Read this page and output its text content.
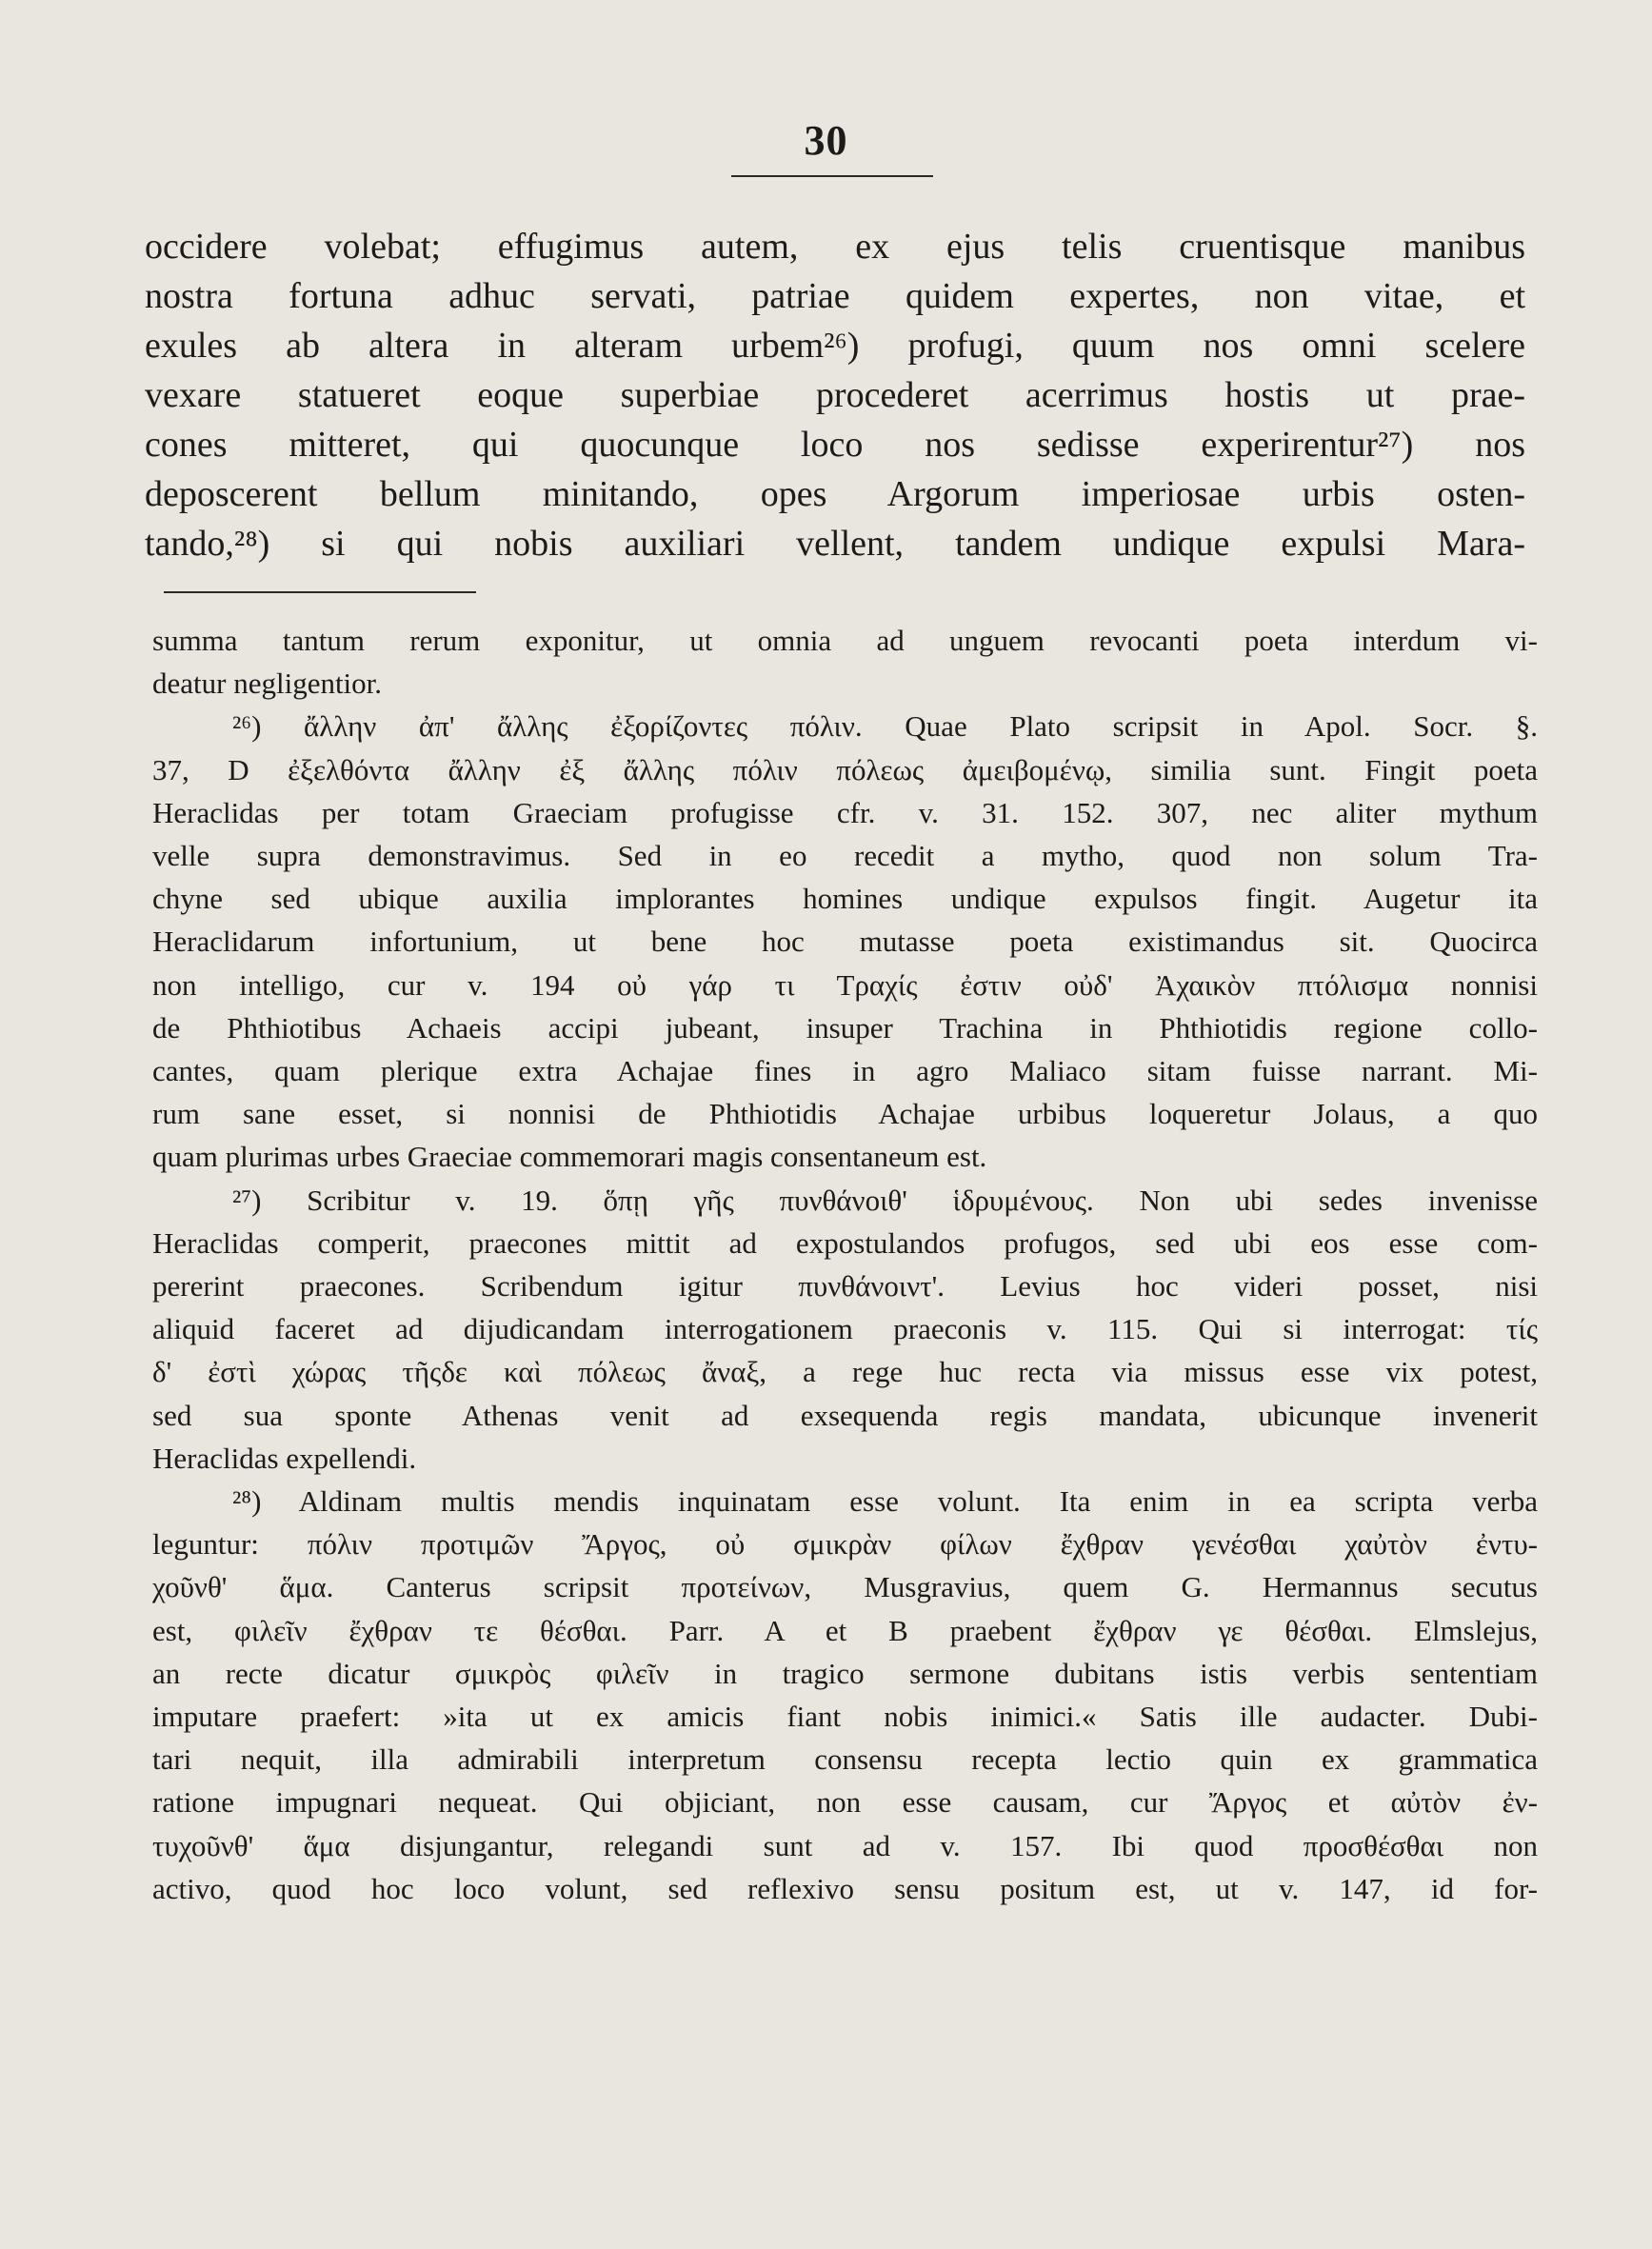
30
occidere volebat; effugimus autem, ex ejus telis cruentisque manibus
nostra fortuna adhuc servati, patriae quidem expertes, non vitae, et
exules ab altera in alteram urbem²⁶) profugi, quum nos omni scelere
vexare statueret eoque superbiae procederet acerrimus hostis ut prae-
cones mitteret, qui quocunque loco nos sedisse experirentur²⁷) nos
deposcerent bellum minitando, opes Argorum imperiosae urbis osten-
tando,²⁸) si qui nobis auxiliari vellent, tandem undique expulsi Mara-
summa tantum rerum exponitur, ut omnia ad unguem revocanti poeta interdum vi-
deatur negligentior.
²⁶) ἄλλην ἀπ' ἄλλης ἐξορίζοντες πόλιν. Quae Plato scripsit in Apol. Socr. §.
37, D ἐξελθόντα ἄλλην ἐξ ἄλλης πόλιν πόλεως ἀμειβομένῳ, similia sunt. Fingit poeta
Heraclidas per totam Graeciam profugisse cfr. v. 31. 152. 307, nec aliter mythum
velle supra demonstravimus. Sed in eo recedit a mytho, quod non solum Tra-
chyne sed ubique auxilia implorantes homines undique expulsos fingit. Augetur ita
Heraclidarum infortunium, ut bene hoc mutasse poeta existimandus sit. Quocirca
non intelligo, cur v. 194 οὐ γάρ τι Τραχίς ἐστιν οὐδ' Ἀχαικὸν πτόλισμα nonnisi
de Phthiotibus Achaeis accipi jubeant, insuper Trachina in Phthiotidis regione collo-
cantes, quam plerique extra Achajae fines in agro Maliaco sitam fuisse narrant. Mi-
rum sane esset, si nonnisi de Phthiotidis Achajae urbibus loqueretur Jolaus, a quo
quam plurimas urbes Graeciae commemorari magis consentaneum est.
²⁷) Scribitur v. 19. ὅπῃ γῆς πυνθάνοιθ' ἱδρυμένους. Non ubi sedes invenisse
Heraclidas comperit, praecones mittit ad expostulandos profugos, sed ubi eos esse com-
pererint praecones. Scribendum igitur πυνθάνοιντ'. Levius hoc videri posset, nisi
aliquid faceret ad dijudicandam interrogationem praeconis v. 115. Qui si interrogat: τίς
δ' ἐστὶ χώρας τῆςδε καὶ πόλεως ἄναξ, a rege huc recta via missus esse vix potest,
sed sua sponte Athenas venit ad exsequenda regis mandata, ubicunque invenerit
Heraclidas expellendi.
²⁸) Aldinam multis mendis inquinatam esse volunt. Ita enim in ea scripta verba
leguntur: πόλιν προτιμῶν Ἄργος, οὐ σμικρὰν φίλων ἔχθραν γενέσθαι χαὐτὸν ἐντυ-
χοῦνθ' ἅμα. Canterus scripsit προτείνων, Musgravius, quem G. Hermannus secutus
est, φιλεῖν ἔχθραν τε θέσθαι. Parr. A et B praebent ἔχθραν γε θέσθαι. Elmslejus,
an recte dicatur σμικρὸς φιλεῖν in tragico sermone dubitans istis verbis sententiam
imputare praefert: »ita ut ex amicis fiant nobis inimici.« Satis ille audacter. Dubi-
tari nequit, illa admirabili interpretum consensu recepta lectio quin ex grammatica
ratione impugnari nequeat. Qui objiciant, non esse causam, cur Ἄργος et αὐτὸν ἐν-
τυχοῦνθ' ἅμα disjungantur, relegandi sunt ad v. 157. Ibi quod προσθέσθαι non
activo, quod hoc loco volunt, sed reflexivo sensu positum est, ut v. 147, id for-
